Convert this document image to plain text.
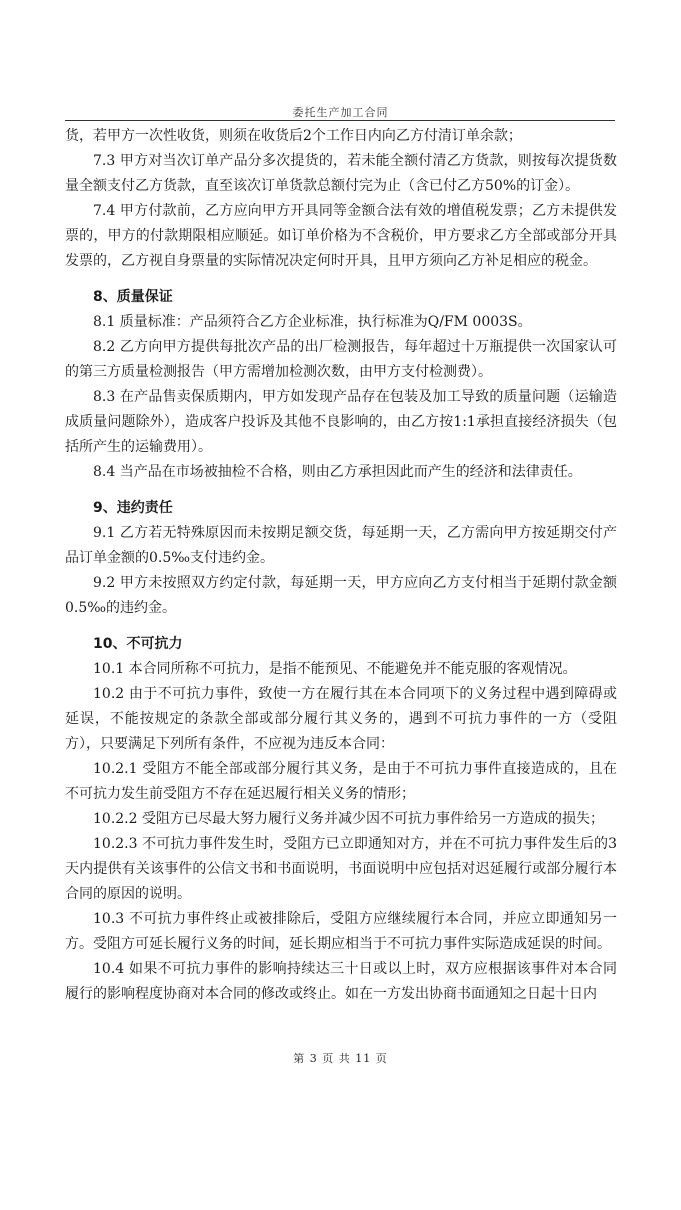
委托生产加工合同

货，若甲方一次性收货，则须在收货后2个工作日内向乙方付清订单余款；

7.3 甲方对当次订单产品分多次提货的，若未能全额付清乙方货款，则按每次提货数量全额支付乙方货款，直至该次订单货款总额付完为止（含已付乙方50%的订金）。

7.4 甲方付款前，乙方应向甲方开具同等金额合法有效的增值税发票；乙方未提供发票的，甲方的付款期限相应顺延。如订单价格为不含税价，甲方要求乙方全部或部分开具发票的，乙方视自身票量的实际情况决定何时开具，且甲方须向乙方补足相应的税金。

8、质量保证

8.1 质量标准：产品须符合乙方企业标准，执行标准为Q/FM 0003S。

8.2 乙方向甲方提供每批次产品的出厂检测报告，每年超过十万瓶提供一次国家认可的第三方质量检测报告（甲方需增加检测次数，由甲方支付检测费）。

8.3 在产品售卖保质期内，甲方如发现产品存在包装及加工导致的质量问题（运输造成质量问题除外），造成客户投诉及其他不良影响的，由乙方按1:1承担直接经济损失（包括所产生的运输费用）。

8.4 当产品在市场被抽检不合格，则由乙方承担因此而产生的经济和法律责任。

9、违约责任

9.1 乙方若无特殊原因而未按期足额交货，每延期一天，乙方需向甲方按延期交付产品订单金额的0.5‰支付违约金。

9.2 甲方未按照双方约定付款，每延期一天，甲方应向乙方支付相当于延期付款金额0.5‰的违约金。

10、不可抗力

10.1 本合同所称不可抗力，是指不能预见、不能避免并不能克服的客观情况。

10.2 由于不可抗力事件，致使一方在履行其在本合同项下的义务过程中遇到障碍或延误，不能按规定的条款全部或部分履行其义务的，遇到不可抗力事件的一方（受阻方），只要满足下列所有条件，不应视为违反本合同：

10.2.1 受阻方不能全部或部分履行其义务，是由于不可抗力事件直接造成的，且在不可抗力发生前受阻方不存在延迟履行相关义务的情形；

10.2.2 受阻方已尽最大努力履行义务并减少因不可抗力事件给另一方造成的损失；

10.2.3 不可抗力事件发生时，受阻方已立即通知对方，并在不可抗力事件发生后的3天内提供有关该事件的公信文书和书面说明，书面说明中应包括对迟延履行或部分履行本合同的原因的说明。

10.3 不可抗力事件终止或被排除后，受阻方应继续履行本合同，并应立即通知另一方。受阻方可延长履行义务的时间，延长期应相当于不可抗力事件实际造成延误的时间。

10.4 如果不可抗力事件的影响持续达三十日或以上时，双方应根据该事件对本合同履行的影响程度协商对本合同的修改或终止。如在一方发出协商书面通知之日起十日内

第 3 页 共 11 页
